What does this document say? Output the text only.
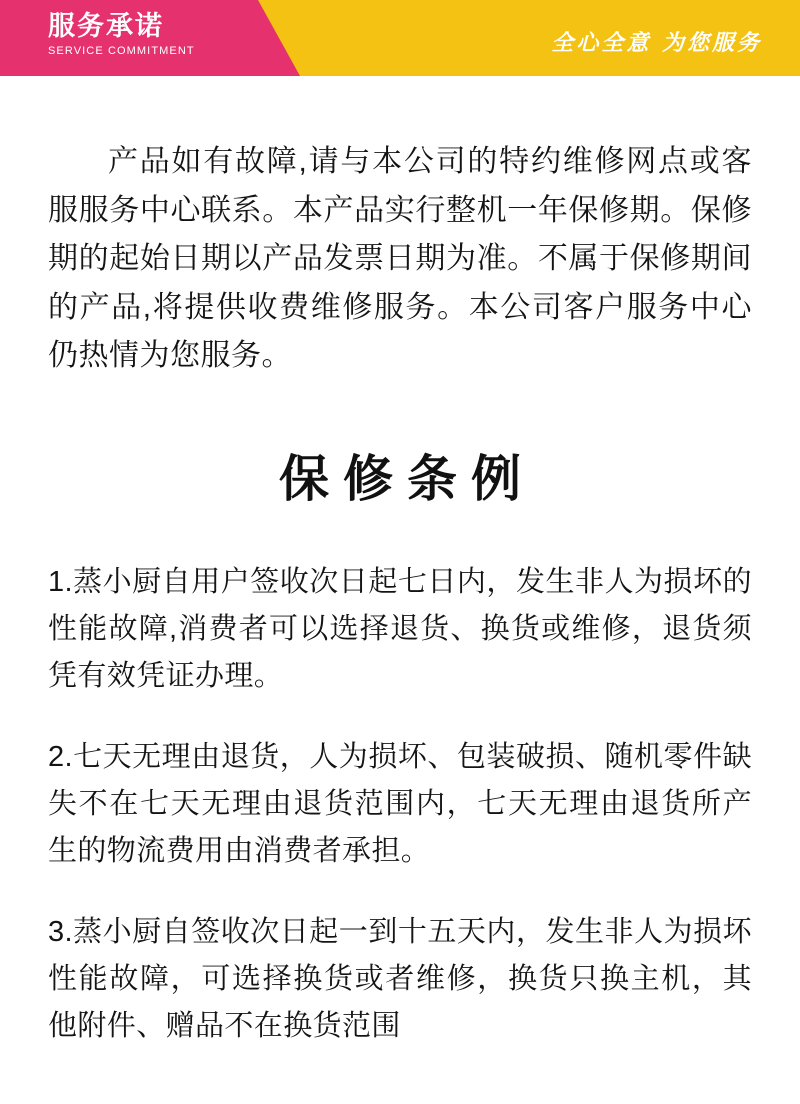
服务承诺
SERVICE COMMITMENT	全心全意 为您服务

产品如有故障,请与本公司的特约维修网点或客服服务中心联系。本产品实行整机一年保修期。保修期的起始日期以产品发票日期为准。不属于保修期间的产品,将提供收费维修服务。本公司客户服务中心仍热情为您服务。

保修条例

1.蒸小厨自用户签收次日起七日内，发生非人为损坏的性能故障,消费者可以选择退货、换货或维修，退货须凭有效凭证办理。

2.七天无理由退货，人为损坏、包装破损、随机零件缺失不在七天无理由退货范围内，七天无理由退货所产生的物流费用由消费者承担。

3.蒸小厨自签收次日起一到十五天内，发生非人为损坏性能故障，可选择换货或者维修，换货只换主机，其他附件、赠品不在换货范围
